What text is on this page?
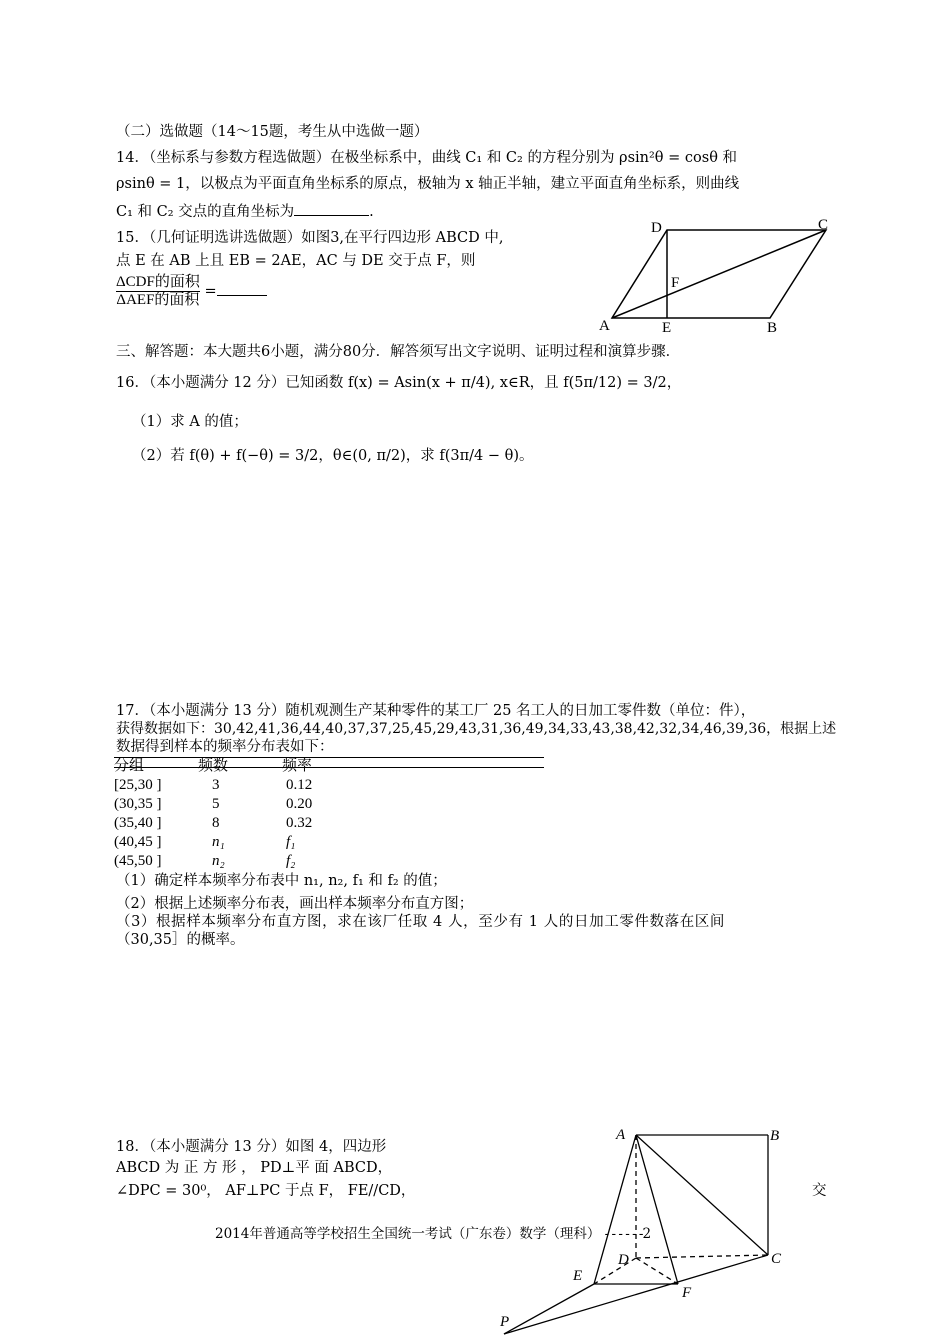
（二）选做题（14～15题，考生从中选做一题）
14．（坐标系与参数方程选做题）在极坐标系中，曲线 C₁ 和 C₂ 的方程分别为 ρsin²θ = cosθ 和
ρsinθ = 1，以极点为平面直角坐标系的原点，极轴为 x 轴正半轴，建立平面直角坐标系，则曲线
C₁ 和 C₂ 交点的直角坐标为	.
15．（几何证明选讲选做题）如图3,在平行四边形 ABCD 中,
点 E 在 AB 上且 EB = 2AE，AC 与 DE 交于点 F，则
$\frac{\text{ΔCDF的面积}}{\text{ΔAEF的面积}}$ =
三、解答题：本大题共6小题，满分80分．解答须写出文字说明、证明过程和演算步骤．
16．（本小题满分 12 分）已知函数 f(x) = Asin(x + π/4), x∈R，且 f(5π/12) = 3/2，
（1）求 A 的值；
（2）若 f(θ) + f(−θ) = 3/2，θ∈(0, π/2)，求 f(3π/4 − θ)。
17．（本小题满分 13 分）随机观测生产某种零件的某工厂 25 名工人的日加工零件数（单位：件），
获得数据如下：30,42,41,36,44,40,37,37,25,45,29,43,31,36,49,34,33,43,38,42,32,34,46,39,36，根据上述
数据得到样本的频率分布表如下：
分组	频数	频率
[25,30 ]	3	0.12
(30,35 ]	5	0.20
(35,40 ]	8	0.32
(40,45 ]	n₁	f₁
(45,50 ]	n₂	f₂
（1）确定样本频率分布表中 n₁, n₂, f₁ 和 f₂ 的值；
（2）根据上述频率分布表，画出样本频率分布直方图；
（3）根据样本频率分布直方图，求在该厂任取 4 人，至少有 1 人的日加工零件数落在区间
（30,35］的概率。
18．（本小题满分 13 分）如图 4，四边形
ABCD 为 正 方 形 ， PD⊥平 面 ABCD，
∠DPC = 30⁰， AF⊥PC 于点 F， FE//CD，	交
2014年普通高等学校招生全国统一考试（广东卷）数学（理科） - - - - - -2
A	B
C
D
E
F
A	B
C
D
E
F
P
